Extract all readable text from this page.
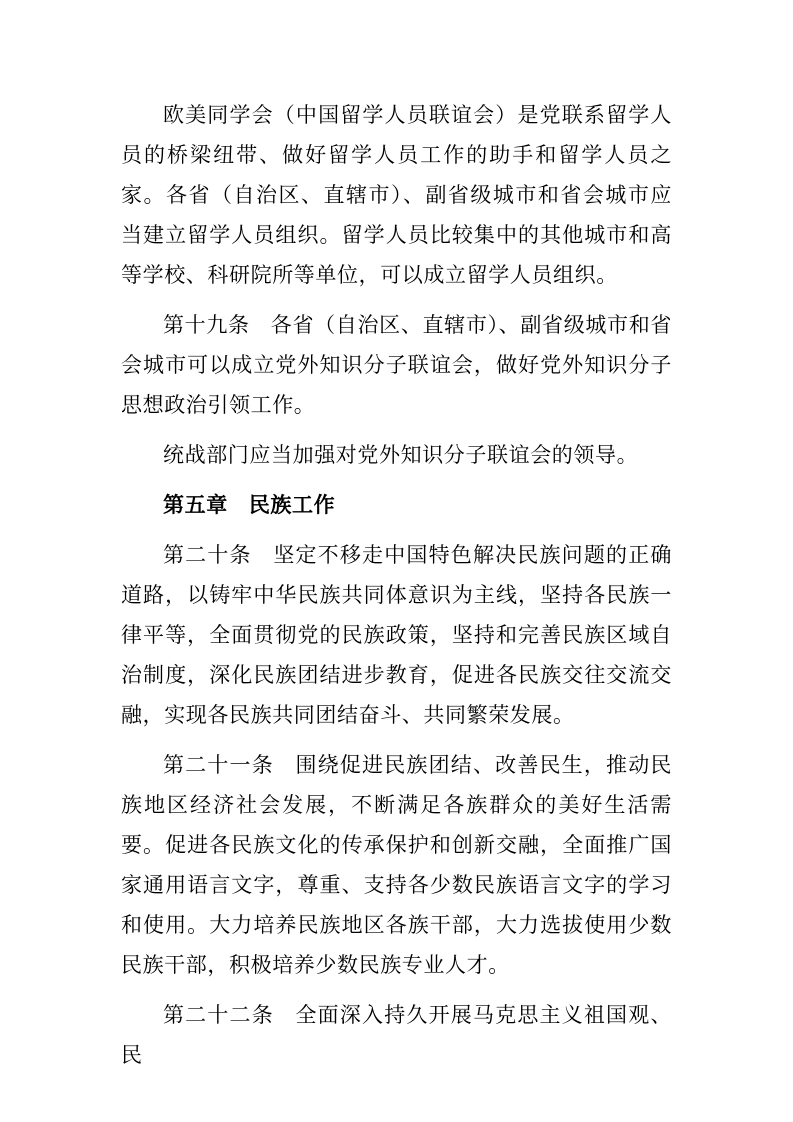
欧美同学会（中国留学人员联谊会）是党联系留学人员的桥梁纽带、做好留学人员工作的助手和留学人员之家。各省（自治区、直辖市）、副省级城市和省会城市应当建立留学人员组织。留学人员比较集中的其他城市和高等学校、科研院所等单位，可以成立留学人员组织。

第十九条 各省（自治区、直辖市）、副省级城市和省会城市可以成立党外知识分子联谊会，做好党外知识分子思想政治引领工作。

统战部门应当加强对党外知识分子联谊会的领导。

第五章 民族工作

第二十条 坚定不移走中国特色解决民族问题的正确道路，以铸牢中华民族共同体意识为主线，坚持各民族一律平等，全面贯彻党的民族政策，坚持和完善民族区域自治制度，深化民族团结进步教育，促进各民族交往交流交融，实现各民族共同团结奋斗、共同繁荣发展。

第二十一条 围绕促进民族团结、改善民生，推动民族地区经济社会发展，不断满足各族群众的美好生活需要。促进各民族文化的传承保护和创新交融，全面推广国家通用语言文字，尊重、支持各少数民族语言文字的学习和使用。大力培养民族地区各族干部，大力选拔使用少数民族干部，积极培养少数民族专业人才。

第二十二条 全面深入持久开展马克思主义祖国观、民
